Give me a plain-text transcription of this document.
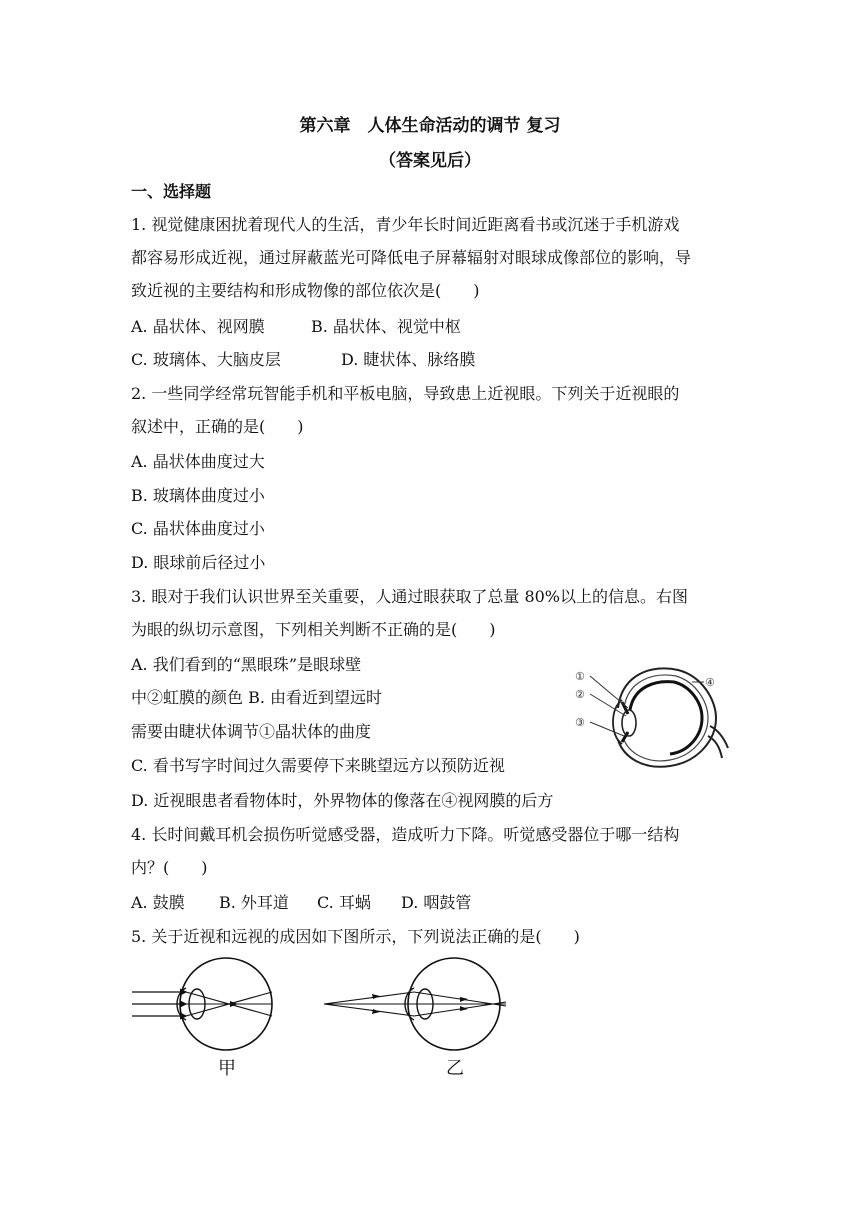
第六章　人体生命活动的调节 复习
（答案见后）
一、选择题
1. 视觉健康困扰着现代人的生活，青少年长时间近距离看书或沉迷于手机游戏
都容易形成近视，通过屏蔽蓝光可降低电子屏幕辐射对眼球成像部位的影响，导
致近视的主要结构和形成物像的部位依次是(　　)
A. 晶状体、视网膜	B. 晶状体、视觉中枢
C. 玻璃体、大脑皮层	D. 睫状体、脉络膜
2. 一些同学经常玩智能手机和平板电脑，导致患上近视眼。下列关于近视眼的
叙述中，正确的是(　　)
A. 晶状体曲度过大
B. 玻璃体曲度过小
C. 晶状体曲度过小
D. 眼球前后径过小
3. 眼对于我们认识世界至关重要，人通过眼获取了总量 80%以上的信息。右图
为眼的纵切示意图，下列相关判断不正确的是(　　)
A. 我们看到的“黑眼珠”是眼球壁
中②虹膜的颜色 B. 由看近到望远时
需要由睫状体调节①晶状体的曲度
C. 看书写字时间过久需要停下来眺望远方以预防近视
D. 近视眼患者看物体时，外界物体的像落在④视网膜的后方
①
②
③
④
4. 长时间戴耳机会损伤听觉感受器，造成听力下降。听觉感受器位于哪一结构
内？(　　)
A. 鼓膜 B. 外耳道 C. 耳蜗 D. 咽鼓管
5. 关于近视和远视的成因如下图所示，下列说法正确的是(　　)
甲	乙
